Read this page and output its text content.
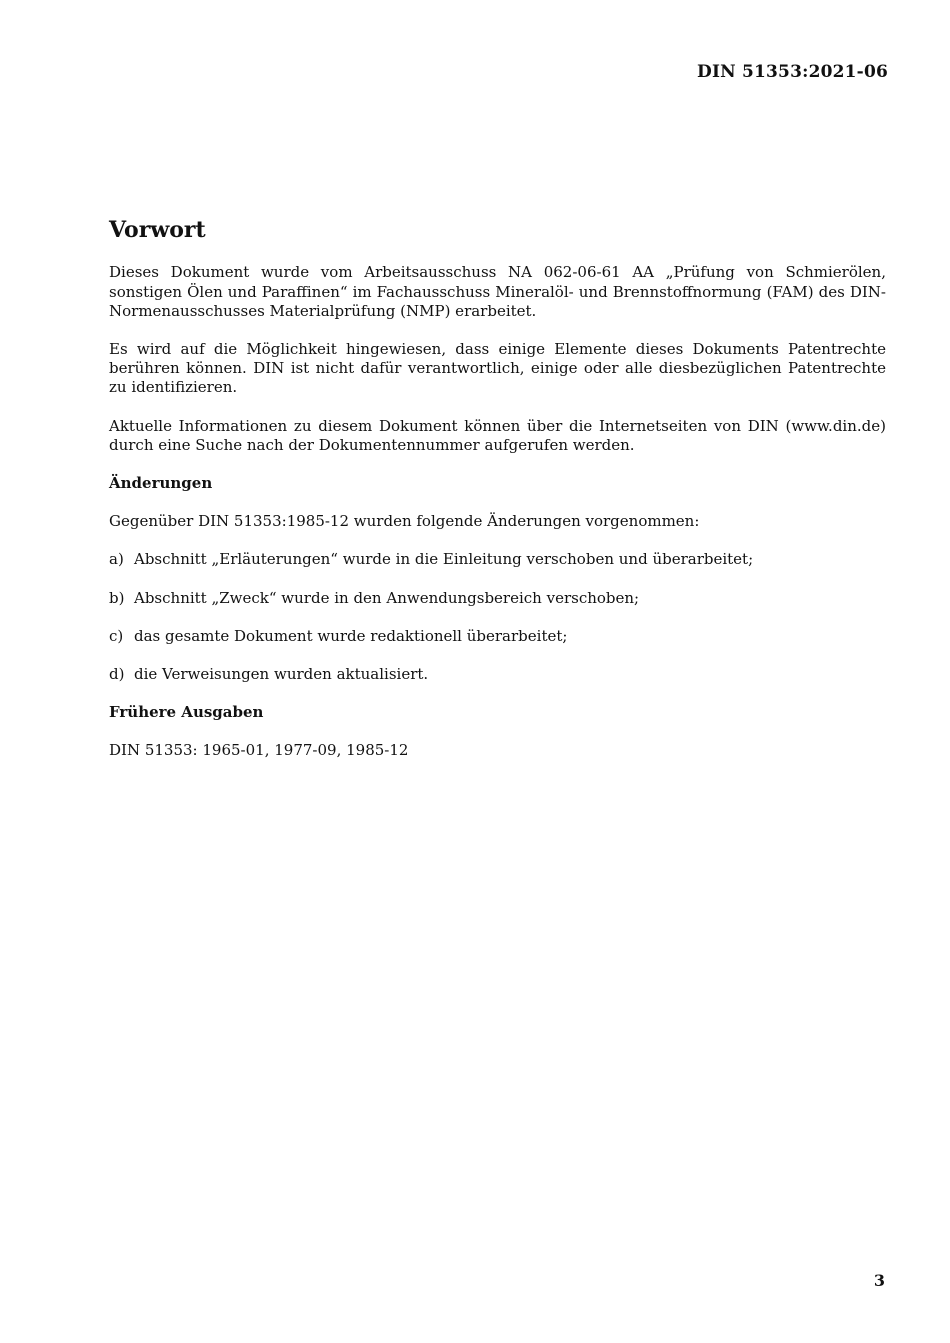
DIN 51353:2021-06
Vorwort

Dieses Dokument wurde vom Arbeitsausschuss NA 062-06-61 AA „Prüfung von Schmierölen, sonstigen Ölen und Paraffinen“ im Fachausschuss Mineralöl- und Brennstoffnormung (FAM) des DIN-Normenausschusses Materialprüfung (NMP) erarbeitet.

Es wird auf die Möglichkeit hingewiesen, dass einige Elemente dieses Dokuments Patentrechte berühren können. DIN ist nicht dafür verantwortlich, einige oder alle diesbezüglichen Patentrechte zu identifizieren.

Aktuelle Informationen zu diesem Dokument können über die Internetseiten von DIN (www.din.de) durch eine Suche nach der Dokumentennummer aufgerufen werden.

Änderungen

Gegenüber DIN 51353:1985-12 wurden folgende Änderungen vorgenommen:

a) Abschnitt „Erläuterungen“ wurde in die Einleitung verschoben und überarbeitet;
b) Abschnitt „Zweck“ wurde in den Anwendungsbereich verschoben;
c) das gesamte Dokument wurde redaktionell überarbeitet;
d) die Verweisungen wurden aktualisiert.
Frühere Ausgaben

DIN 51353: 1965-01, 1977-09, 1985-12

3
